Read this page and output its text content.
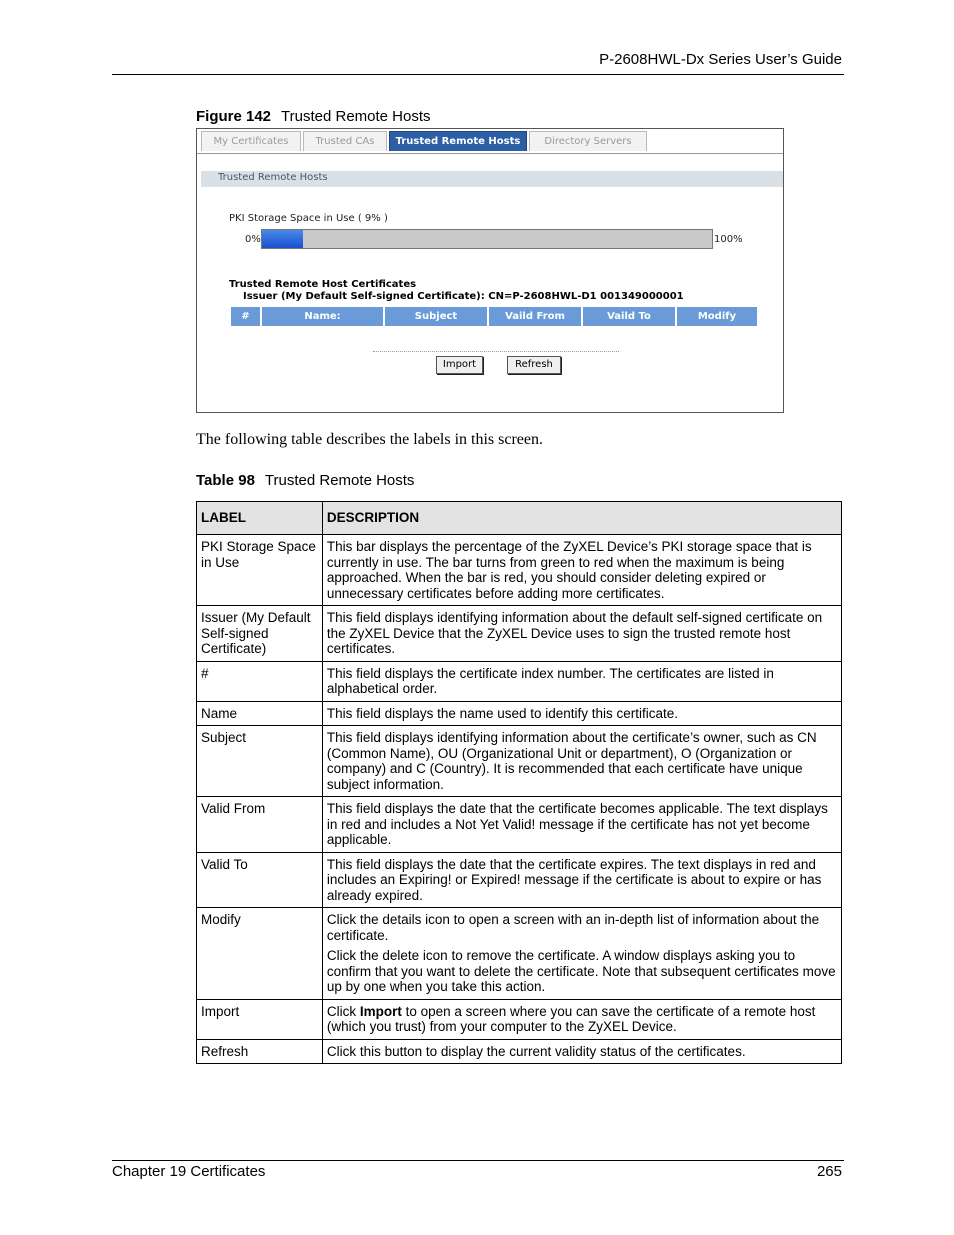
P-2608HWL-Dx Series User’s Guide
Figure 142 Trusted Remote Hosts
My Certificates	Trusted CAs	Trusted Remote Hosts	Directory Servers
Trusted Remote Hosts
PKI Storage Space in Use ( 9% )
0%	100%
Trusted Remote Host Certificates
Issuer (My Default Self-signed Certificate): CN=P-2608HWL-D1 001349000001
#	Name:	Subject	Vaild From	Vaild To	Modify
Import	Refresh
The following table describes the labels in this screen.
Table 98 Trusted Remote Hosts
LABEL	DESCRIPTION
PKI Storage Space in Use	This bar displays the percentage of the ZyXEL Device’s PKI storage space that is currently in use. The bar turns from green to red when the maximum is being approached. When the bar is red, you should consider deleting expired or unnecessary certificates before adding more certificates.

Issuer (My Default Self-signed Certificate)	This field displays identifying information about the default self-signed certificate on the ZyXEL Device that the ZyXEL Device uses to sign the trusted remote host certificates.

#	This field displays the certificate index number. The certificates are listed in alphabetical order.

Name	This field displays the name used to identify this certificate.

Subject	This field displays identifying information about the certificate’s owner, such as CN (Common Name), OU (Organizational Unit or department), O (Organization or company) and C (Country). It is recommended that each certificate have unique subject information.

Valid From	This field displays the date that the certificate becomes applicable. The text displays in red and includes a Not Yet Valid! message if the certificate has not yet become applicable.

Valid To	This field displays the date that the certificate expires. The text displays in red and includes an Expiring! or Expired! message if the certificate is about to expire or has already expired.

Modify	Click the details icon to open a screen with an in-depth list of information about the certificate.

Click the delete icon to remove the certificate. A window displays asking you to confirm that you want to delete the certificate. Note that subsequent certificates move up by one when you take this action.

Import	Click Import to open a screen where you can save the certificate of a remote host (which you trust) from your computer to the ZyXEL Device.

Refresh	Click this button to display the current validity status of the certificates.

Chapter 19 Certificates	265
